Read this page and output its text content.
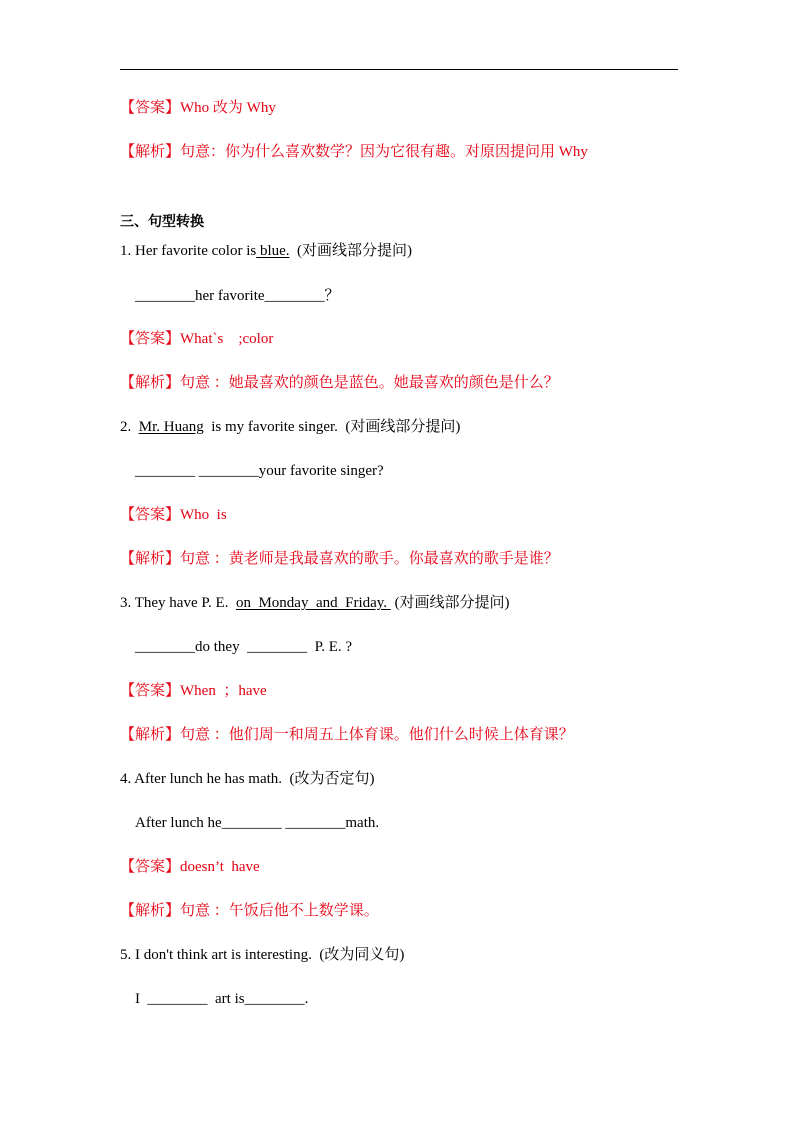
【答案】Who 改为 Why
【解析】句意：你为什么喜欢数学？因为它很有趣。对原因提问用 Why
三、句型转换
1. Her favorite color is blue.  (对画线部分提问)
________her favorite________？
【答案】What`s    ;color
【解析】句意 ：她最喜欢的颜色是蓝色。她最喜欢的颜色是什么？
2.  Mr. Huang  is my favorite singer.  (对画线部分提问)
________ ________your favorite singer?
【答案】Who  is
【解析】句意 ：黄老师是我最喜欢的歌手。你最喜欢的歌手是谁？
3. They have P. E.  on  Monday  and  Friday.  (对画线部分提问)
________do they  ________  P. E. ?
【答案】When  ；have
【解析】句意 ：他们周一和周五上体育课。他们什么时候上体育课？
4. After lunch he has math.  (改为否定句)
After lunch he________ ________math.
【答案】doesn’t  have
【解析】句意 ：午饭后他不上数学课。
5. I don't think art is interesting.  (改为同义句)
I  ________  art is________.
